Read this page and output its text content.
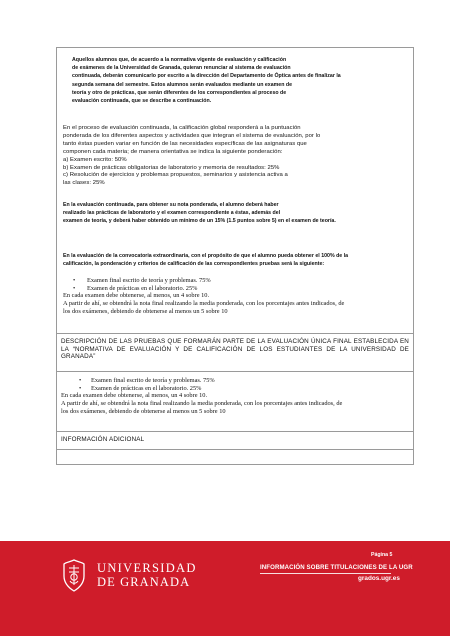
Aquellos alumnos que, de acuerdo a la normativa vigente de evaluación y calificación
de exámenes de la Universidad de Granada, quieran renunciar al sistema de evaluación
continuada, deberán comunicarlo por escrito a la dirección del Departamento de Óptica antes de finalizar la
segunda semana del semestre. Estos alumnos serán evaluados mediante un examen de
teoría y otro de prácticas, que serán diferentes de los correspondientes al proceso de
evaluación continuada, que se describe a continuación.
En el proceso de evaluación continuada, la calificación global responderá a la puntuación
ponderada de los diferentes aspectos y actividades que integran el sistema de evaluación, por lo
tanto éstas pueden variar en función de las necesidades específicas de las asignaturas que
componen cada materia; de manera orientativa se indica la siguiente ponderación:
a) Examen escrito: 50%
b) Examen de prácticas obligatorias de laboratorio y memoria de resultados: 25%
c) Resolución de ejercicios y problemas propuestos, seminarios y asistencia activa a
las clases: 25%
En la evaluación continuada, para obtener su nota ponderada, el alumno deberá haber
realizado las prácticas de laboratorio y el examen correspondiente a éstas, además del
examen de teoría, y deberá haber obtenido un mínimo de un 15% (1.5 puntos sobre 5) en el examen de teoría.
En la evaluación de la convocatoria extraordinaria, con el propósito de que el alumno pueda obtener el 100% de la
calificación, la ponderación y criterios de calificación de las correspondientes pruebas será la siguiente:
• Examen final escrito de teoría y problemas. 75%
• Examen de prácticas en el laboratorio. 25%
En cada examen debe obtenerse, al menos, un 4 sobre 10.
A partir de ahí, se obtendrá la nota final realizando la media ponderada, con los porcentajes antes indicados, de
los dos exámenes, debiendo de obtenerse al menos un 5 sobre 10
DESCRIPCIÓN DE LAS PRUEBAS QUE FORMARÁN PARTE DE LA EVALUACIÓN ÚNICA FINAL ESTABLECIDA EN LA “NORMATIVA DE EVALUACIÓN Y DE CALIFICACIÓN DE LOS ESTUDIANTES DE LA UNIVERSIDAD DE GRANADA”
• Examen final escrito de teoría y problemas. 75%
• Examen de prácticas en el laboratorio. 25%
En cada examen debe obtenerse, al menos, un 4 sobre 10.
A partir de ahí, se obtendrá la nota final realizando la media ponderada, con los porcentajes antes indicados, de
los dos exámenes, debiendo de obtenerse al menos un 5 sobre 10
INFORMACIÓN ADICIONAL
UNIVERSIDAD
DE GRANADA
Página 5
INFORMACIÓN SOBRE TITULACIONES DE LA UGR
grados.ugr.es
